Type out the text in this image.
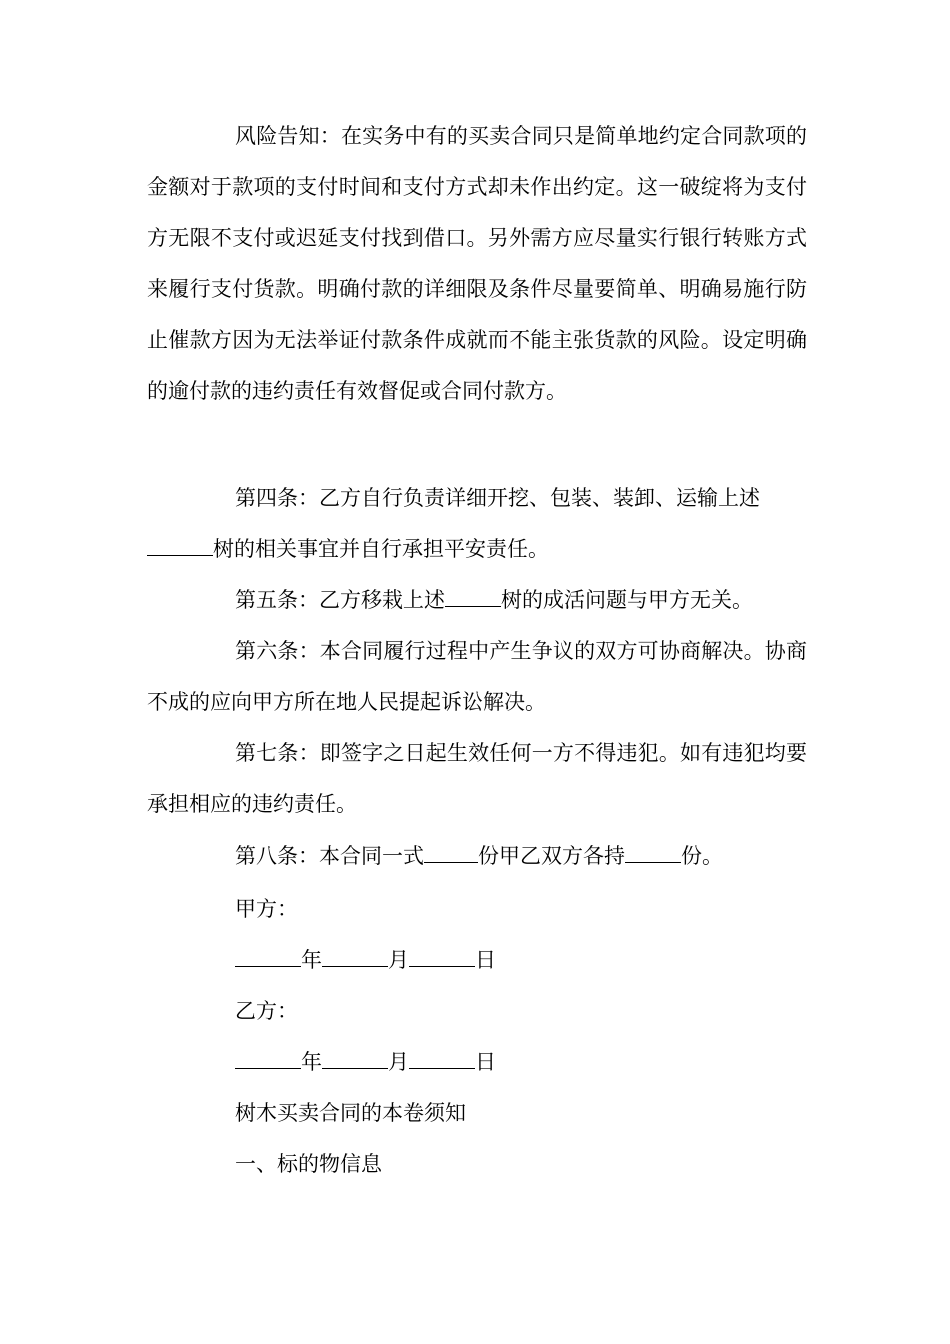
风险告知：在实务中有的买卖合同只是简单地约定合同款项的金额对于款项的支付时间和支付方式却未作出约定。这一破绽将为支付方无限不支付或迟延支付找到借口。另外需方应尽量实行银行转账方式来履行支付货款。明确付款的详细限及条件尽量要简单、明确易施行防止催款方因为无法举证付款条件成就而不能主张货款的风险。设定明确的逾付款的违约责任有效督促或合同付款方。

第四条：乙方自行负责详细开挖、包装、装卸、运输上述
树的相关事宜并自行承担平安责任。

第五条：乙方移栽上述	树的成活问题与甲方无关。

第六条：本合同履行过程中产生争议的双方可协商解决。协商不成的应向甲方所在地人民提起诉讼解决。

第七条：即签字之日起生效任何一方不得违犯。如有违犯均要承担相应的违约责任。

第八条：本合同一式	份甲乙双方各持	份。
甲方：
年	月	日
乙方：
年	月	日
树木买卖合同的本卷须知
一、标的物信息
